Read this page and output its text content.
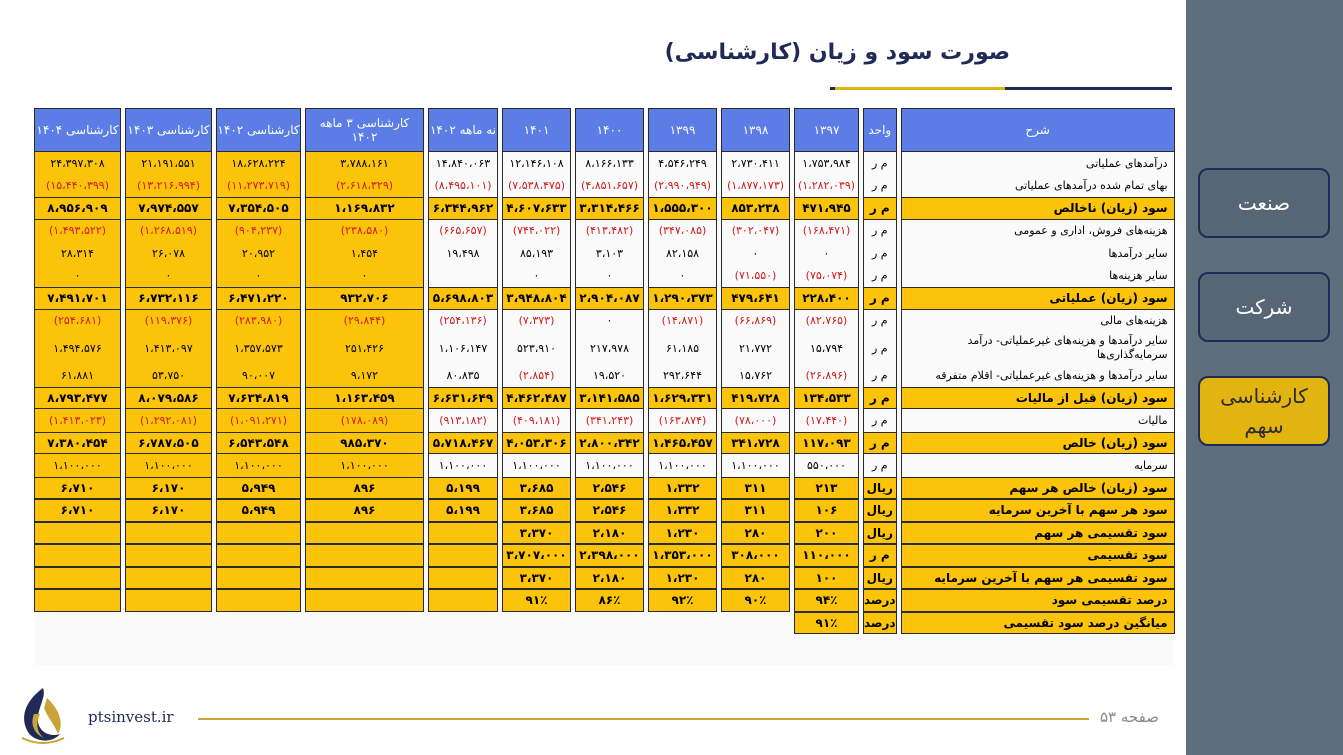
صورت سود و زیان (کارشناسی)
شرح	واحد	۱۳۹۷	۱۳۹۸	۱۳۹۹	۱۴۰۰	۱۴۰۱	نه ماهه ۱۴۰۲	کارشناسی ۳ ماهه ۱۴۰۲	کارشناسی ۱۴۰۲	کارشناسی ۱۴۰۳	کارشناسی ۱۴۰۴
درآمدهای عملیاتی	م ر	۱،۷۵۳،۹۸۴	۲،۷۳۰،۴۱۱	۴،۵۴۶،۲۴۹	۸،۱۶۶،۱۳۳	۱۲،۱۴۶،۱۰۸	۱۴،۸۴۰،۰۶۳	۳،۷۸۸،۱۶۱	۱۸،۶۲۸،۲۲۴	۲۱،۱۹۱،۵۵۱	۲۴،۳۹۷،۳۰۸
بهای تمام شده درآمدهای عملیاتی	م ر	(۱،۲۸۲،۰۳۹)	(۱،۸۷۷،۱۷۳)	(۲،۹۹۰،۹۴۹)	(۴،۸۵۱،۶۵۷)	(۷،۵۳۸،۴۷۵)	(۸،۴۹۵،۱۰۱)	(۲،۶۱۸،۳۲۹)	(۱۱،۲۷۳،۷۱۹)	(۱۳،۲۱۶،۹۹۴)	(۱۵،۴۴۰،۳۹۹)
سود (زیان) ناخالص	م ر	۴۷۱،۹۴۵	۸۵۳،۲۳۸	۱،۵۵۵،۳۰۰	۳،۳۱۴،۴۶۶	۴،۶۰۷،۶۳۳	۶،۳۴۴،۹۶۲	۱،۱۶۹،۸۳۲	۷،۳۵۴،۵۰۵	۷،۹۷۴،۵۵۷	۸،۹۵۶،۹۰۹
هزینه‌های فروش، اداری و عمومی	م ر	(۱۶۸،۴۷۱)	(۳۰۲،۰۴۷)	(۳۴۷،۰۸۵)	(۴۱۳،۴۸۲)	(۷۴۴،۰۲۲)	(۶۶۵،۶۵۷)	(۲۳۸،۵۸۰)	(۹۰۴،۲۳۷)	(۱،۲۶۸،۵۱۹)	(۱،۴۹۳،۵۲۲)
سایر درآمدها	م ر	۰	۰	۸۲،۱۵۸	۳،۱۰۳	۸۵،۱۹۳	۱۹،۴۹۸	۱،۴۵۴	۲۰،۹۵۲	۲۶،۰۷۸	۲۸،۳۱۴
سایر هزینه‌ها	م ر	(۷۵،۰۷۴)	(۷۱،۵۵۰)	۰	۰	۰		۰	۰	۰	۰
سود (زیان) عملیاتی	م ر	۲۲۸،۴۰۰	۴۷۹،۶۴۱	۱،۲۹۰،۳۷۳	۲،۹۰۴،۰۸۷	۳،۹۴۸،۸۰۴	۵،۶۹۸،۸۰۳	۹۳۲،۷۰۶	۶،۴۷۱،۲۲۰	۶،۷۳۲،۱۱۶	۷،۴۹۱،۷۰۱
هزینه‌های مالی	م ر	(۸۲،۷۶۵)	(۶۶،۸۶۹)	(۱۴،۸۷۱)	۰	(۷،۳۷۳)	(۲۵۴،۱۳۶)	(۲۹،۸۴۴)	(۲۸۳،۹۸۰)	(۱۱۹،۳۷۶)	(۲۵۴،۶۸۱)
سایر درآمدها و هزینه‌های غیرعملیاتی- درآمد سرمایه‌گذاری‌ها	م ر	۱۵،۷۹۴	۲۱،۷۷۲	۶۱،۱۸۵	۲۱۷،۹۷۸	۵۲۳،۹۱۰	۱،۱۰۶،۱۴۷	۲۵۱،۴۲۶	۱،۳۵۷،۵۷۳	۱،۴۱۳،۰۹۷	۱،۴۹۴،۵۷۶
سایر درآمدها و هزینه‌های غیرعملیاتی- اقلام متفرقه	م ر	(۲۶،۸۹۶)	۱۵،۷۶۲	۲۹۲،۶۴۴	۱۹،۵۲۰	(۲،۸۵۴)	۸۰،۸۳۵	۹،۱۷۲	۹۰،۰۰۷	۵۳،۷۵۰	۶۱،۸۸۱
سود (زیان) قبل از مالیات	م ر	۱۳۴،۵۳۳	۴۱۹،۷۲۸	۱،۶۲۹،۳۳۱	۳،۱۴۱،۵۸۵	۴،۴۶۲،۴۸۷	۶،۶۳۱،۶۴۹	۱،۱۶۳،۴۵۹	۷،۶۳۴،۸۱۹	۸،۰۷۹،۵۸۶	۸،۷۹۳،۴۷۷
مالیات	م ر	(۱۷،۴۴۰)	(۷۸،۰۰۰)	(۱۶۳،۸۷۴)	(۳۴۱،۲۴۳)	(۴۰۹،۱۸۱)	(۹۱۳،۱۸۲)	(۱۷۸،۰۸۹)	(۱،۰۹۱،۲۷۱)	(۱،۲۹۲،۰۸۱)	(۱،۴۱۳،۰۲۳)
سود (زیان) خالص	م ر	۱۱۷،۰۹۳	۳۴۱،۷۲۸	۱،۴۶۵،۴۵۷	۲،۸۰۰،۳۴۲	۴،۰۵۳،۳۰۶	۵،۷۱۸،۴۶۷	۹۸۵،۳۷۰	۶،۵۴۳،۵۴۸	۶،۷۸۷،۵۰۵	۷،۳۸۰،۴۵۴
سرمایه	م ر	۵۵۰،۰۰۰	۱،۱۰۰،۰۰۰	۱،۱۰۰،۰۰۰	۱،۱۰۰،۰۰۰	۱،۱۰۰،۰۰۰	۱،۱۰۰،۰۰۰	۱،۱۰۰،۰۰۰	۱،۱۰۰،۰۰۰	۱،۱۰۰،۰۰۰	۱،۱۰۰،۰۰۰
سود (زیان) خالص هر سهم	ریال	۲۱۳	۳۱۱	۱،۳۳۲	۲،۵۴۶	۳،۶۸۵	۵،۱۹۹	۸۹۶	۵،۹۴۹	۶،۱۷۰	۶،۷۱۰
سود هر سهم با آخرین سرمایه	ریال	۱۰۶	۳۱۱	۱،۳۳۲	۲،۵۴۶	۳،۶۸۵	۵،۱۹۹	۸۹۶	۵،۹۴۹	۶،۱۷۰	۶،۷۱۰
سود تقسیمی هر سهم	ریال	۲۰۰	۲۸۰	۱،۲۳۰	۲،۱۸۰	۳،۳۷۰					
سود تقسیمی	م ر	۱۱۰،۰۰۰	۳۰۸،۰۰۰	۱،۳۵۳،۰۰۰	۲،۳۹۸،۰۰۰	۳،۷۰۷،۰۰۰					
سود تقسیمی هر سهم با آخرین سرمایه	ریال	۱۰۰	۲۸۰	۱،۲۳۰	۲،۱۸۰	۳،۳۷۰					
درصد تقسیمی سود	درصد	۹۴٪	۹۰٪	۹۲٪	۸۶٪	۹۱٪					
میانگین درصد سود تقسیمی	درصد	۹۱٪									
ptsinvest.ir	صفحه ۵۳
صنعت
شرکت
کارشناسی سهم
